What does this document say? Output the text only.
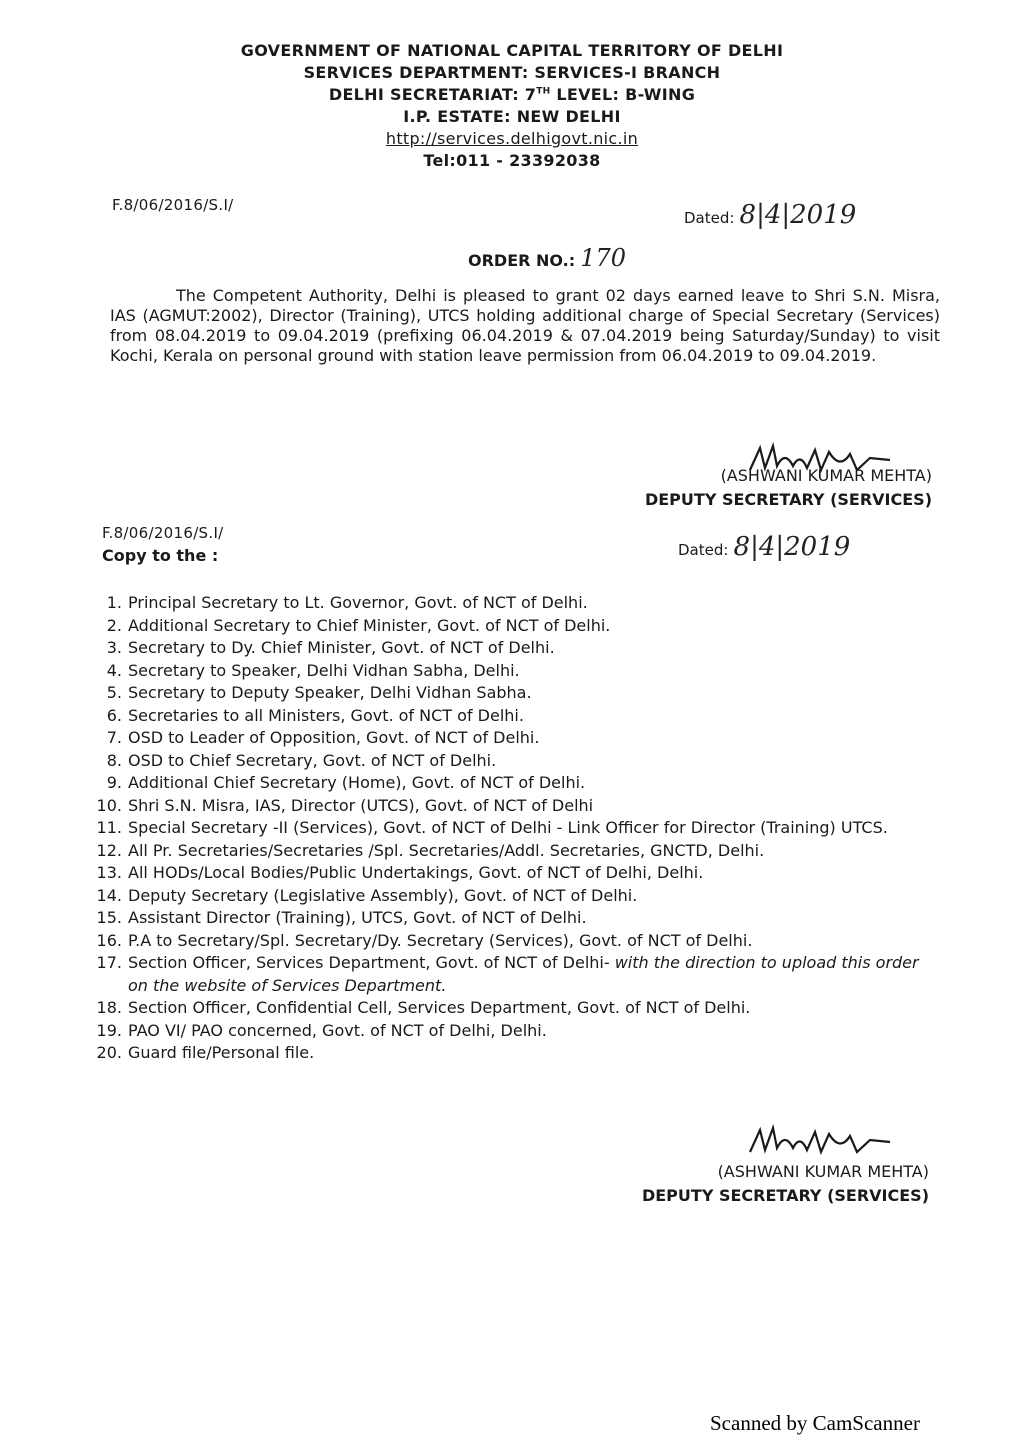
GOVERNMENT OF NATIONAL CAPITAL TERRITORY OF DELHI
SERVICES DEPARTMENT: SERVICES-I BRANCH
DELHI SECRETARIAT: 7TH LEVEL: B-WING
I.P. ESTATE: NEW DELHI
http://services.delhigovt.nic.in
Tel:011 - 23392038
F.8/06/2016/S.I/
Dated: 8|4|2019
ORDER NO.: 170
The Competent Authority, Delhi is pleased to grant 02 days earned leave to Shri S.N. Misra, IAS (AGMUT:2002), Director (Training), UTCS holding additional charge of Special Secretary (Services) from 08.04.2019 to 09.04.2019 (prefixing 06.04.2019 & 07.04.2019 being Saturday/Sunday) to visit Kochi, Kerala on personal ground with station leave permission from 06.04.2019 to 09.04.2019.
(ASHWANI KUMAR MEHTA)
DEPUTY SECRETARY (SERVICES)
F.8/06/2016/S.I/
Copy to the :	Dated: 8|4|2019
1. Principal Secretary to Lt. Governor, Govt. of NCT of Delhi.
2. Additional Secretary to Chief Minister, Govt. of NCT of Delhi.
3. Secretary to Dy. Chief Minister, Govt. of NCT of Delhi.
4. Secretary to Speaker, Delhi Vidhan Sabha, Delhi.
5. Secretary to Deputy Speaker, Delhi Vidhan Sabha.
6. Secretaries to all Ministers, Govt. of NCT of Delhi.
7. OSD to Leader of Opposition, Govt. of NCT of Delhi.
8. OSD to Chief Secretary, Govt. of NCT of Delhi.
9. Additional Chief Secretary (Home), Govt. of NCT of Delhi.
10. Shri S.N. Misra, IAS, Director (UTCS), Govt. of NCT of Delhi
11. Special Secretary -II (Services), Govt. of NCT of Delhi - Link Officer for Director (Training) UTCS.
12. All Pr. Secretaries/Secretaries /Spl. Secretaries/Addl. Secretaries, GNCTD, Delhi.
13. All HODs/Local Bodies/Public Undertakings, Govt. of NCT of Delhi, Delhi.
14. Deputy Secretary (Legislative Assembly), Govt. of NCT of Delhi.
15. Assistant Director (Training), UTCS, Govt. of NCT of Delhi.
16. P.A to Secretary/Spl. Secretary/Dy. Secretary (Services), Govt. of NCT of Delhi.
17. Section Officer, Services Department, Govt. of NCT of Delhi- with the direction to upload this order on the website of Services Department.
18. Section Officer, Confidential Cell, Services Department, Govt. of NCT of Delhi.
19. PAO VI/ PAO concerned, Govt. of NCT of Delhi, Delhi.
20. Guard file/Personal file.
(ASHWANI KUMAR MEHTA)
DEPUTY SECRETARY (SERVICES)
Scanned by CamScanner
